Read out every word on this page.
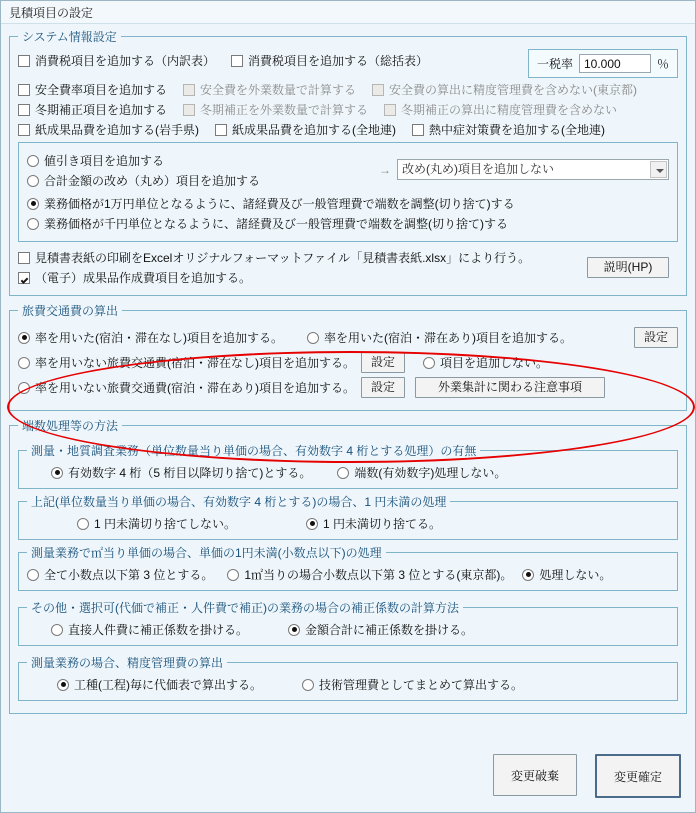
見積項目の設定
システム情報設定
消費税項目を追加する（内訳表）	消費税項目を追加する（総括表）	一税率 10.000	％
安全費率項目を追加する	安全費を外業数量で計算する	安全費の算出に精度管理費を含めない(東京都)
冬期補正項目を追加する	冬期補正を外業数量で計算する	冬期補正の算出に精度管理費を含めない
紙成果品費を追加する(岩手県)	紙成果品費を追加する(全地連)	熱中症対策費を追加する(全地連)
値引き項目を追加する
合計金額の改め（丸め）項目を追加する
→ 改め(丸め)項目を追加しない
業務価格が1万円単位となるように、諸経費及び一般管理費で端数を調整(切り捨て)する
業務価格が千円単位となるように、諸経費及び一般管理費で端数を調整(切り捨て)する
見積書表紙の印刷をExcelオリジナルフォーマットファイル「見積書表紙.xlsx」により行う。
（電子）成果品作成費項目を追加する。
説明(HP)
旅費交通費の算出
率を用いた(宿泊・滞在なし)項目を追加する。	率を用いた(宿泊・滞在あり)項目を追加する。	設定
率を用いない旅費交通費(宿泊・滞在なし)項目を追加する。	設定	項目を追加しない。
率を用いない旅費交通費(宿泊・滞在あり)項目を追加する。	設定	外業集計に関わる注意事項
端数処理等の方法
測量・地質調査業務（単位数量当り単価の場合、有効数字 4 桁とする処理）の有無
有効数字 4 桁（5 桁目以降切り捨て)とする。	端数(有効数字)処理しない。
上記(単位数量当り単価の場合、有効数字 4 桁とする)の場合、1 円未満の処理
1 円未満切り捨てしない。	1 円未満切り捨てる。
測量業務で㎡当り単価の場合、単価の1円未満(小数点以下)の処理
全て小数点以下第 3 位とする。	1㎡当りの場合小数点以下第 3 位とする(東京都)。 処理しない。
その他・選択可(代価で補正・人件費で補正)の業務の場合の補正係数の計算方法
直接人件費に補正係数を掛ける。	金額合計に補正係数を掛ける。
測量業務の場合、精度管理費の算出
工種(工程)毎に代価表で算出する。	技術管理費としてまとめて算出する。
変更破棄	変更確定
